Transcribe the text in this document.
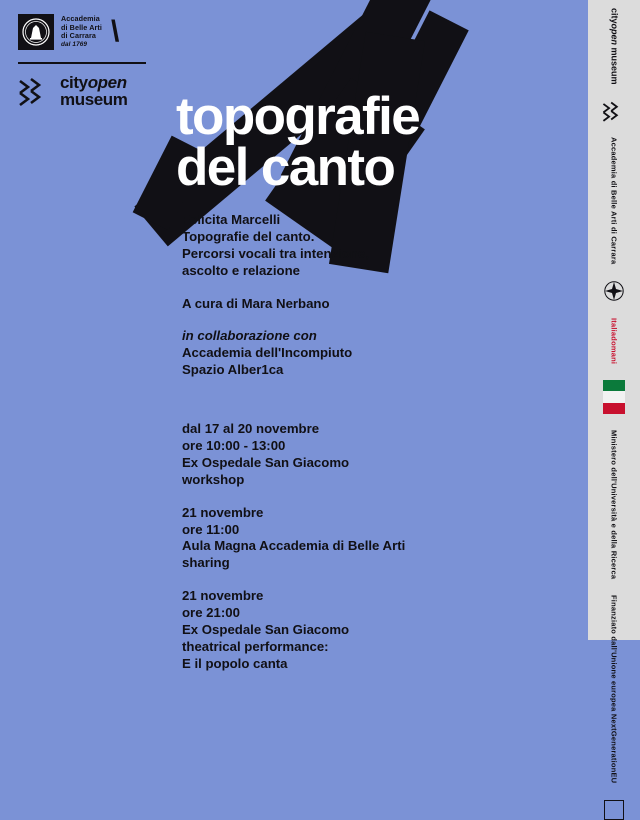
Accademia
di Belle Arti
di Carrara
dal 1769 \
cityopen
museum topografie
del canto

Felicita Marcelli

Topografie del canto.

Percorsi vocali tra intenzione,

ascolto e relazione

A cura di Mara Nerbano

in collaborazione con

Accademia dell'Incompiuto

Spazio Alber1ca

dal 17 al 20 novembre

ore 10:00 - 13:00

Ex Ospedale San Giacomo

workshop

21 novembre

ore 11:00

Aula Magna Accademia di Belle Arti

sharing

21 novembre

ore 21:00

Ex Ospedale San Giacomo

theatrical performance:

E il popolo canta

cityopen museum
Accademia di Belle Arti di Carrara
Italiadomani
Ministero dell'Università e della Ricerca
Finanziato dall'Unione europea NextGenerationEU
